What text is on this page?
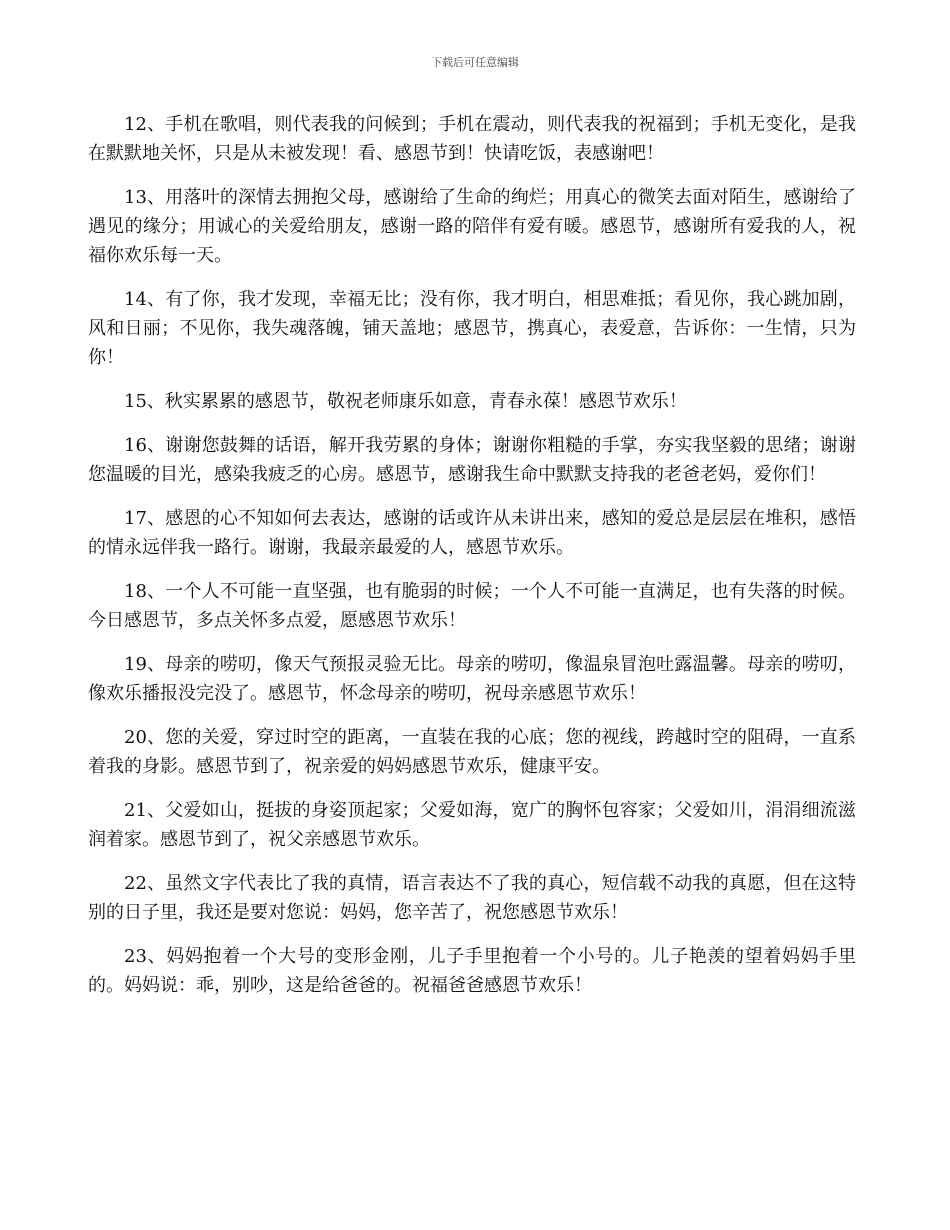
下载后可任意编辑

12、手机在歌唱，则代表我的问候到；手机在震动，则代表我的祝福到；手机无变化，是我在默默地关怀，只是从未被发现！看、感恩节到！快请吃饭，表感谢吧！

13、用落叶的深情去拥抱父母，感谢给了生命的绚烂；用真心的微笑去面对陌生，感谢给了遇见的缘分；用诚心的关爱给朋友，感谢一路的陪伴有爱有暖。感恩节，感谢所有爱我的人，祝福你欢乐每一天。

14、有了你，我才发现，幸福无比；没有你，我才明白，相思难抵；看见你，我心跳加剧，风和日丽；不见你，我失魂落魄，铺天盖地；感恩节，携真心，表爱意，告诉你：一生情，只为你！

15、秋实累累的感恩节，敬祝老师康乐如意，青春永葆！感恩节欢乐！

16、谢谢您鼓舞的话语，解开我劳累的身体；谢谢你粗糙的手掌，夯实我坚毅的思绪；谢谢您温暖的目光，感染我疲乏的心房。感恩节，感谢我生命中默默支持我的老爸老妈，爱你们！

17、感恩的心不知如何去表达，感谢的话或许从未讲出来，感知的爱总是层层在堆积，感悟的情永远伴我一路行。谢谢，我最亲最爱的人，感恩节欢乐。

18、一个人不可能一直坚强，也有脆弱的时候；一个人不可能一直满足，也有失落的时候。今日感恩节，多点关怀多点爱，愿感恩节欢乐！

19、母亲的唠叨，像天气预报灵验无比。母亲的唠叨，像温泉冒泡吐露温馨。母亲的唠叨，像欢乐播报没完没了。感恩节，怀念母亲的唠叨，祝母亲感恩节欢乐！

20、您的关爱，穿过时空的距离，一直装在我的心底；您的视线，跨越时空的阻碍，一直系着我的身影。感恩节到了，祝亲爱的妈妈感恩节欢乐，健康平安。

21、父爱如山，挺拔的身姿顶起家；父爱如海，宽广的胸怀包容家；父爱如川，涓涓细流滋润着家。感恩节到了，祝父亲感恩节欢乐。

22、虽然文字代表比了我的真情，语言表达不了我的真心，短信载不动我的真愿，但在这特别的日子里，我还是要对您说：妈妈，您辛苦了，祝您感恩节欢乐！

23、妈妈抱着一个大号的变形金刚，儿子手里抱着一个小号的。儿子艳羡的望着妈妈手里的。妈妈说：乖，别吵，这是给爸爸的。祝福爸爸感恩节欢乐！
